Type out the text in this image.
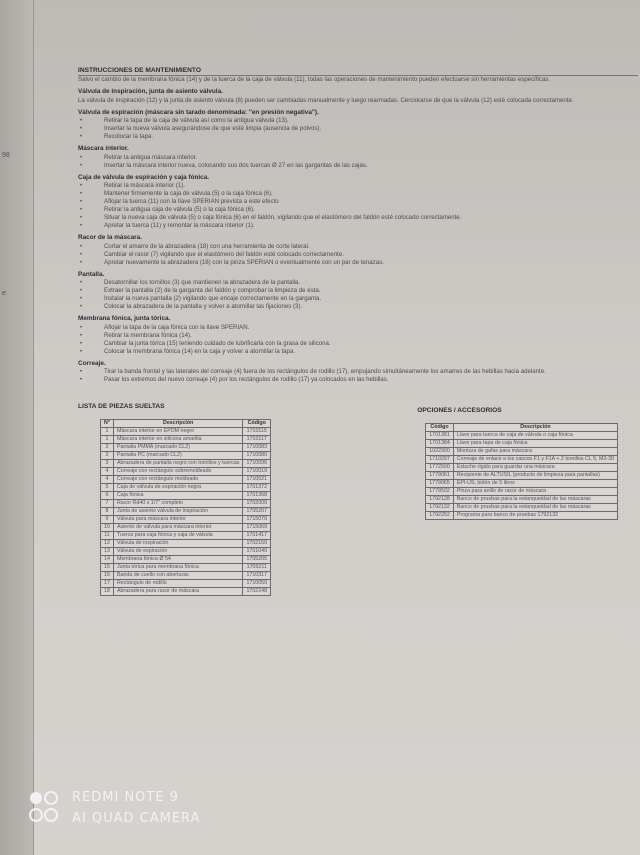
98
e
INSTRUCCIONES DE MANTENIMIENTO

Salvo el cambio de la membrana fónica (14) y de la tuerca de la caja de válvula (11), todas las operaciones de mantenimiento pueden efectuarse sin herramientas específicas.

Válvula de inspiración, junta de asiento válvula.

La válvula de inspiración (12) y la junta de asiento válvula (8) pueden ser cambiadas manualmente y luego rearmadas. Cerciorarse de que la válvula (12) esté colocada correctamente.

Válvula de espiración (máscara sin tarado denominada: "en presión negativa").
• Retirar la tapa de la caja de válvula así como la antigua válvula (13).
• Insertar la nueva válvula asegurándose de que esté limpia (ausencia de polvos).
• Recolocar la tapa.
Máscara interior.
• Retirar la antigua máscara interior.
• Insertar la máscara interior nueva, colocando sus dos tuercas Ø 27 en las gargantas de las cajas.
Caja de válvula de espiración y caja fónica.
• Retirar la máscara interior (1).
• Mantener firmemente la caja de válvula (5) o la caja fónica (6).
• Aflojar la tuerca (11) con la llave SPERIAN prevista a este efecto
• Retirar la antigua caja de válvula (5) o la caja fónica (6).
• Situar la nueva caja de válvula (5) o caja fónica (6) en el faldón, vigilando que el elastómero del faldón esté colocado correctamente.
• Apretar la tuerca (11) y remontar la máscara interior (1).
Racor de la máscara.
• Cortar el amarre de la abrazadera (18) con una herramienta de corte lateral.
• Cambiar el racor (7) vigilando que el elastómero del faldón esté colocado correctamente.
• Apretar nuevamente la abrazadera (18) con la pinza SPERIAN o eventualmente con un par de tenazas.
Pantalla.
• Desatornillar los tornillos (3) que mantienen la abrazadera de la pantalla.
• Extraer la pantalla (2) de la garganta del faldón y comprobar la limpieza de ésta.
• Instalar la nueva pantalla (2) vigilando que encaje correctamente en la garganta.
• Colocar la abrazadera de la pantalla y volver a atornillar las fijaciones (3).
Membrana fónica, junta tórica.
• Aflojar la tapa de la caja fónica con la llave SPERIAN.
• Retirar la membrana fónica (14).
• Cambiar la junta tórica (15) teniendo cuidado de lubrificarla con la grasa de silicona.
• Colocar la membrana fónica (14) en la caja y volver a atornillar la tapa.
Correaje.
• Tirar la banda frontal y las laterales del correaje (4) fuera de los rectángulos de rodillo (17), empujando simultáneamente los amarres de las hebillas hacia adelante.
• Pasar los extremos del nuevo correaje (4) por los rectángulos de rodillo (17) ya colocados en las hebillas.
LISTA DE PIEZAS SUELTAS
N°	Descripción	Código
1	Máscara interior en EPDM negro	1710115
1	Máscara interior en silicona amarilla	1710117
2	Pantalla PMMA (marcado CL2)	1710083
2	Pantalla PC (marcado CL2)	1710080
3	Abrazadera de pantalla negro con tornillos y tuercas	1710096
4	Correaje con rectángulo sobremoldeado	1710019
4	Correaje con rectángulo moldeado	1710021
5	Caja de válvula de espiración negra	1701372
6	Caja fónica	1701368
7	Racor Rd40 x 1/7" completo	1702000
8	Junta de asiento válvula de inspiración	1705207
9	Válvula para máscara interior	1715070
10	Asiento de válvula para máscara interior	1715069
11	Tuerca para caja fónica y caja de válvula	1701417
12	Válvula de inspiración	1702150
13	Válvula de espiración	1701040
14	Membrana fónica Ø 54	1705205
15	Junta tórica para membrana fónica	1705211
16	Banda de cuello con aberturas	1710317
17	Rectángulo de rodillo	1710050
18	Abrazadera para racor de máscara	1702248
OPCIONES / ACCESORIOS
Código	Descripción
1701381	Llave para tuerca de caja de válvula o caja fónica
1701384	Llave para tapa de caja fónica
1022900	Montura de gafas para máscara
1710297	Correaje de enlace a los cascos F1 y F1A + 2 tornillos CL 5, M3-30
1772500	Estuche rígido para guardar una máscara
1779061	Recipiente de ALTUSIL (producto de limpieza para pantallas)
1779065	EPI-US, bidón de 5 litros
1779502	Pinza para anillo de racor de máscara
1792128	Banco de pruebas para la estanqueidad de las máscaras
1792132	Banco de pruebas para la estanqueidad de las máscaras
1792252	Programa para banco de pruebas 1792132
REDMI NOTE 9
AI QUAD CAMERA
